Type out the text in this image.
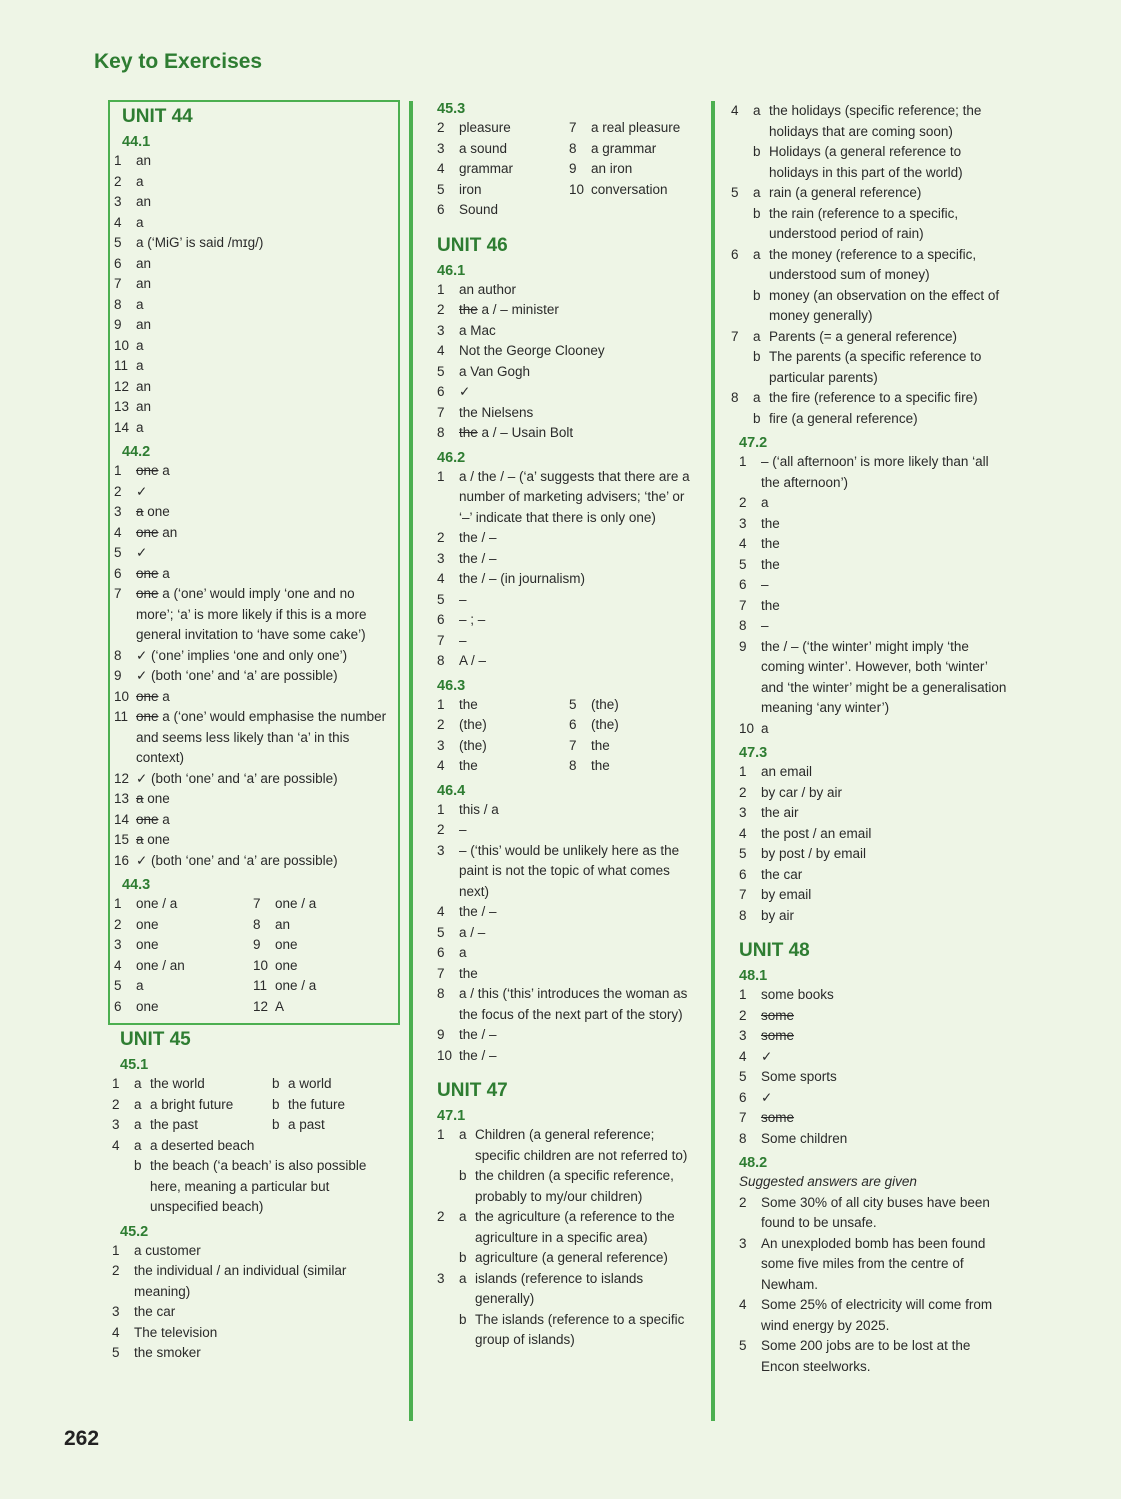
Key to Exercises
UNIT 44
44.1
1	an
2	a
3	an
4	a
5	a (‘MiG’ is said /mɪg/)
6	an
7	an
8	a
9	an
10 a
11 a
12 an
13 an
14 a
44.2
1	one a
2	✓
3	a one
4	one an
5	✓
6	one a
7	one a (‘one’ would imply ‘one and no more’; ‘a’ is more likely if this is a more general invitation to ‘have some cake’)
8	✓ (‘one’ implies ‘one and only one’)
9	✓ (both ‘one’ and ‘a’ are possible)
10 one a
11 one a (‘one’ would emphasise the number and seems less likely than ‘a’ in this context)
12 ✓ (both ‘one’ and ‘a’ are possible)
13 a one
14 one a
15 a one
16 ✓ (both ‘one’ and ‘a’ are possible)
44.3
1	one / a
2	one
3	one
4	one / an
5	a
6	one
7	one / a
8	an
9	one
10 one
11 one / a
12 A
UNIT 45
45.1
1	a the world	b a world
2	a a bright future	b the future
3	a the past	b a past
4	a a deserted beach
b the beach (‘a beach’ is also possible here, meaning a particular but unspecified beach)
45.2
1	a customer
2	the individual / an individual (similar meaning)
3	the car
4	The television
5	the smoker
45.3
2	pleasure
3	a sound
4	grammar
5	iron
6	Sound
7	a real pleasure
8	a grammar
9	an iron
10 conversation
UNIT 46
46.1
1	an author
2	the a / – minister
3	a Mac
4	Not the George Clooney
5	a Van Gogh
6	✓
7	the Nielsens
8	the a / – Usain Bolt
46.2
1	a / the / – (‘a’ suggests that there are a number of marketing advisers; ‘the’ or ‘–’ indicate that there is only one)
2	the / –
3	the / –
4	the / – (in journalism)
5	–
6	– ; –
7	–
8	A / –
46.3
1	the
2	(the)
3	(the)
4	the
5	(the)
6	(the)
7	the
8	the
46.4
1	this / a
2	–
3	– (‘this’ would be unlikely here as the paint is not the topic of what comes next)
4	the / –
5	a / –
6	a
7	the
8	a / this (‘this’ introduces the woman as the focus of the next part of the story)
9	the / –
10 the / –
UNIT 47
47.1
1	a Children (a general reference; specific children are not referred to)
b the children (a specific reference, probably to my/our children)
2	a the agriculture (a reference to the agriculture in a specific area)
b agriculture (a general reference)
3	a islands (reference to islands generally)
b The islands (reference to a specific group of islands)
4	a the holidays (specific reference; the holidays that are coming soon)
b Holidays (a general reference to holidays in this part of the world)
5	a rain (a general reference)
b the rain (reference to a specific, understood period of rain)
6	a the money (reference to a specific, understood sum of money)
b money (an observation on the effect of money generally)
7	a Parents (= a general reference)
b The parents (a specific reference to particular parents)
8	a the fire (reference to a specific fire)
b fire (a general reference)
47.2
1	– (‘all afternoon’ is more likely than ‘all the afternoon’)
2	a
3	the
4	the
5	the
6	–
7	the
8	–
9	the / – (‘the winter’ might imply ‘the coming winter’. However, both ‘winter’ and ‘the winter’ might be a generalisation meaning ‘any winter’)
10 a
47.3
1	an email
2	by car / by air
3	the air
4	the post / an email
5	by post / by email
6	the car
7	by email
8	by air
UNIT 48
48.1
1	some books
2	some
3	some
4	✓
5	Some sports
6	✓
7	some
8	Some children
48.2
Suggested answers are given
2	Some 30% of all city buses have been found to be unsafe.
3	An unexploded bomb has been found some five miles from the centre of Newham.
4	Some 25% of electricity will come from wind energy by 2025.
5	Some 200 jobs are to be lost at the Encon steelworks.
262
